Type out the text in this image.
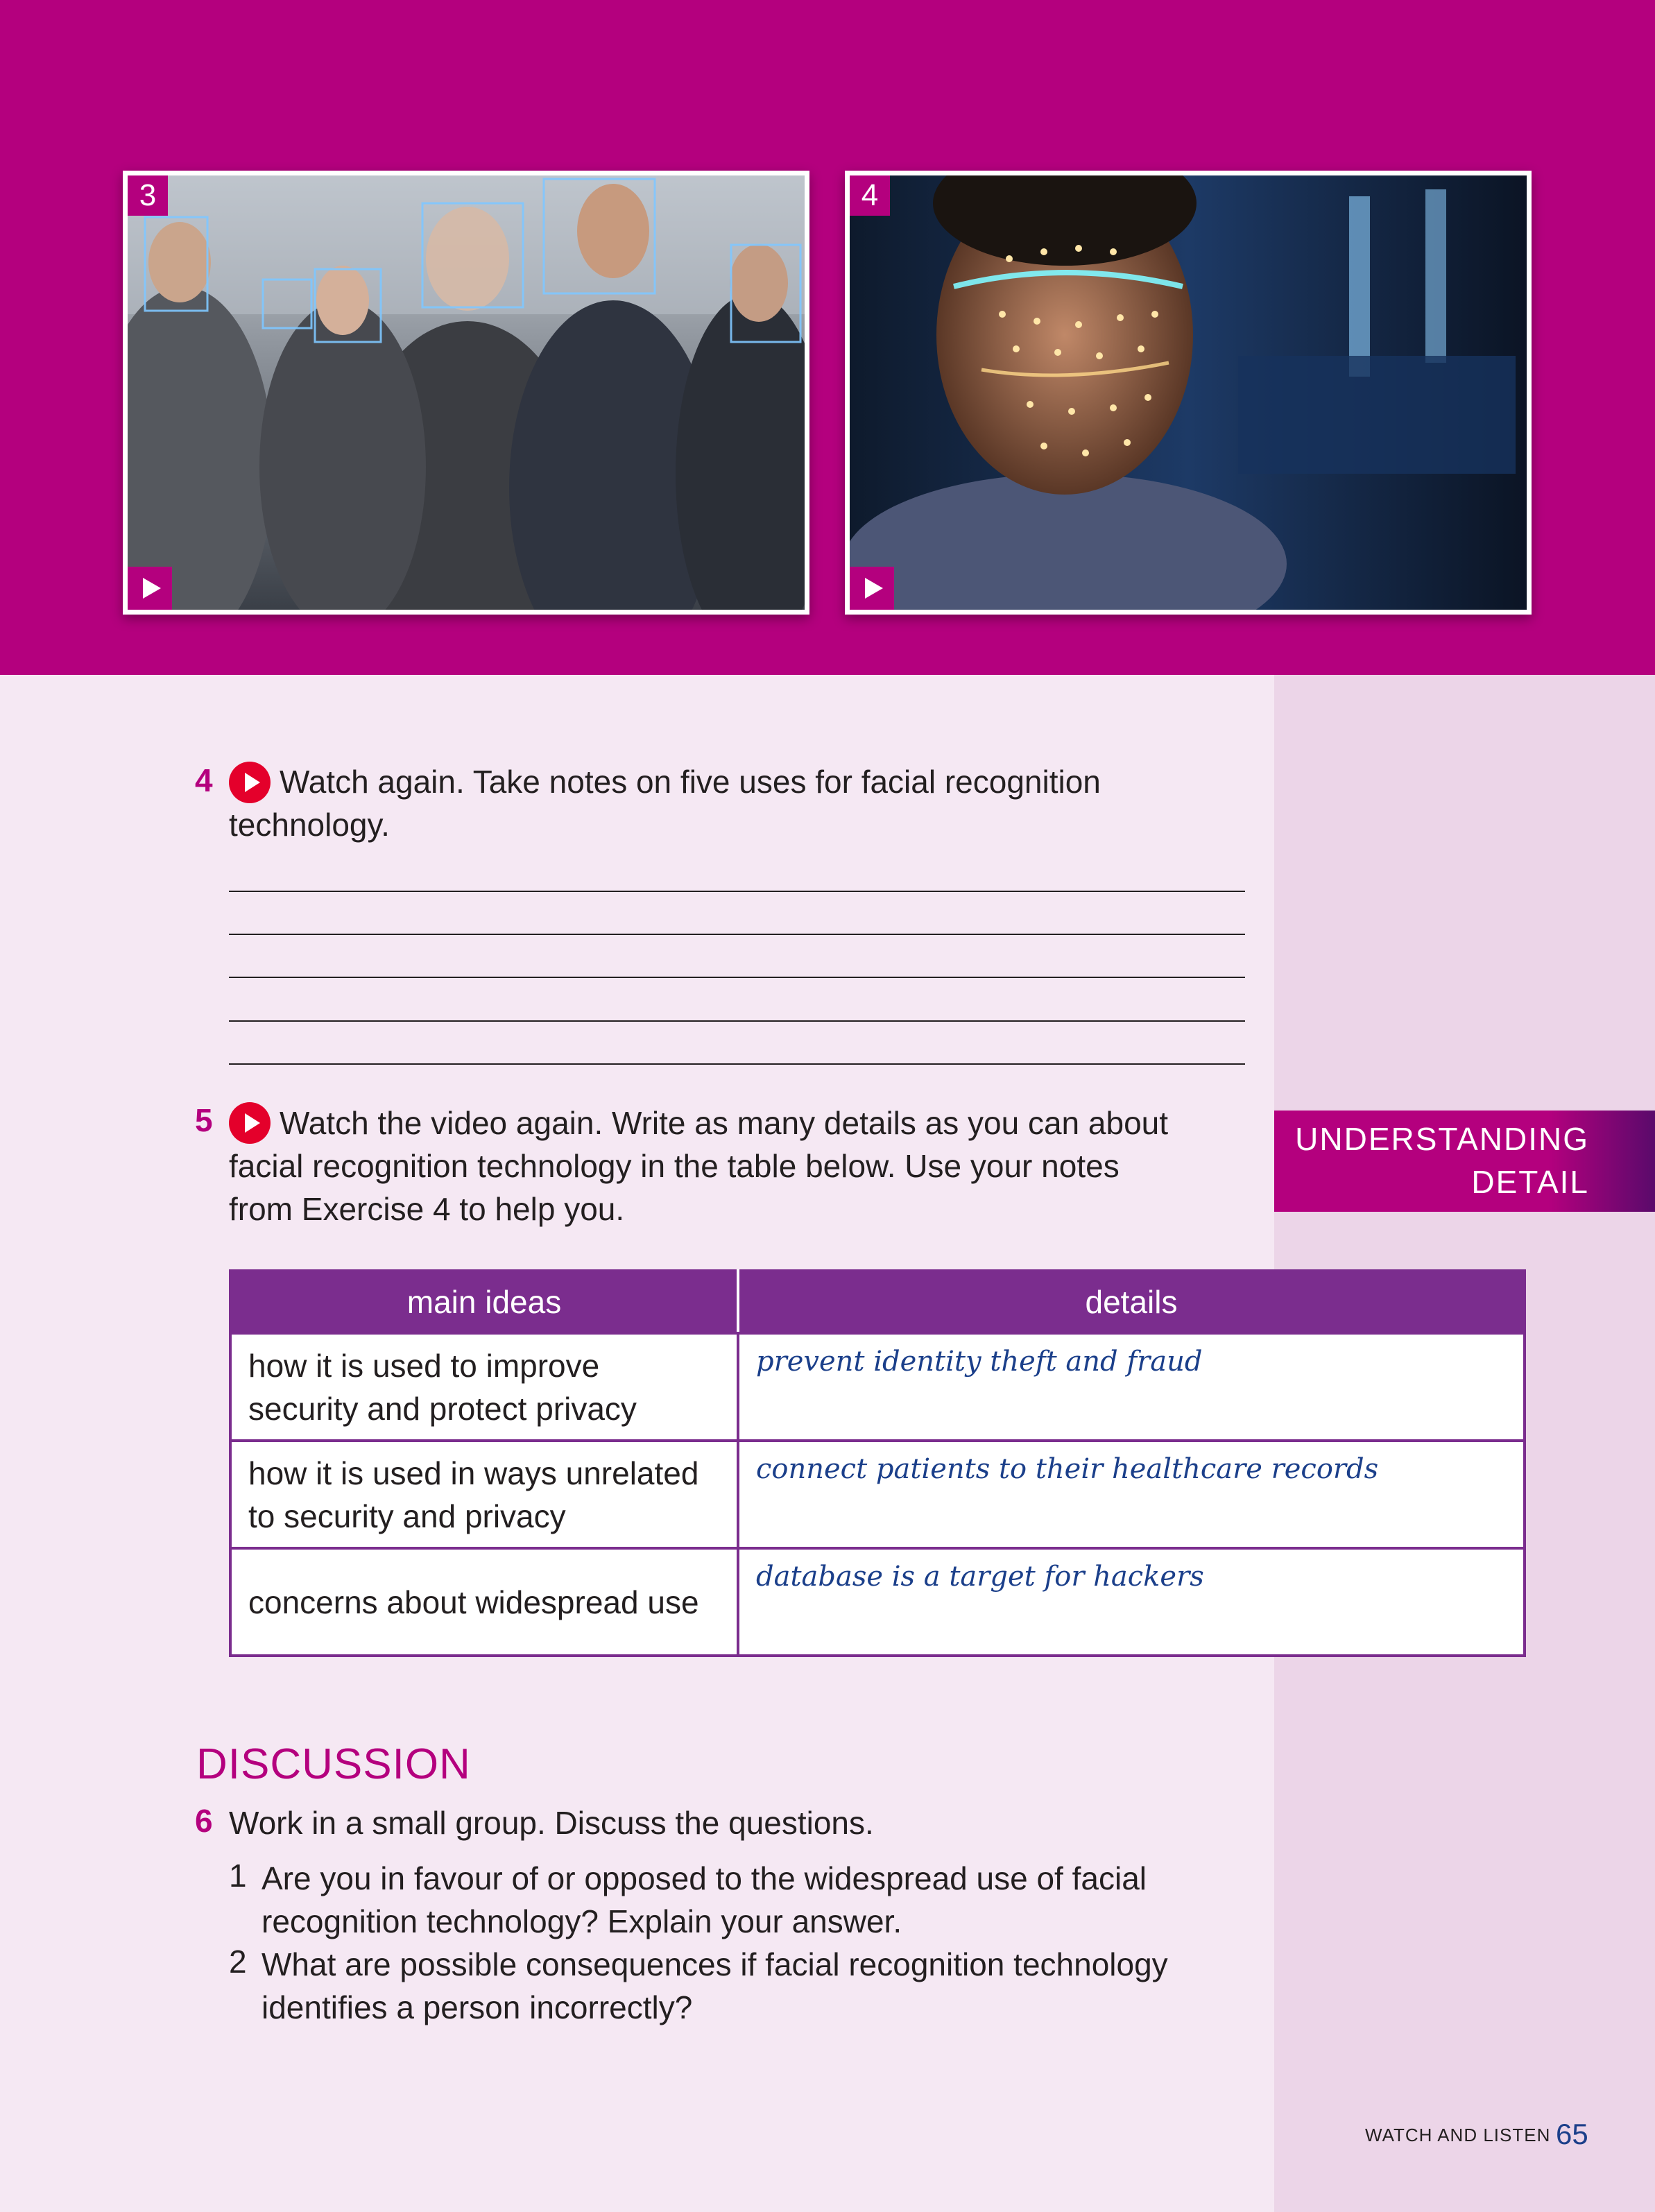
3	4
4 Watch again. Take notes on five uses for facial recognition
technology.
5 Watch the video again. Write as many details as you can about
facial recognition technology in the table below. Use your notes
from Exercise 4 to help you.
UNDERSTANDING
DETAIL
main ideas	details

how it is used to improve
security and protect privacy	prevent identity theft and fraud

how it is used in ways unrelated
to security and privacy	connect patients to their healthcare records

concerns about widespread use	database is a target for hackers
DISCUSSION
6 Work in a small group. Discuss the questions.
1 Are you in favour of or opposed to the widespread use of facial
recognition technology? Explain your answer.
2 What are possible consequences if facial recognition technology
identifies a person incorrectly?
WATCH AND LISTEN 65
